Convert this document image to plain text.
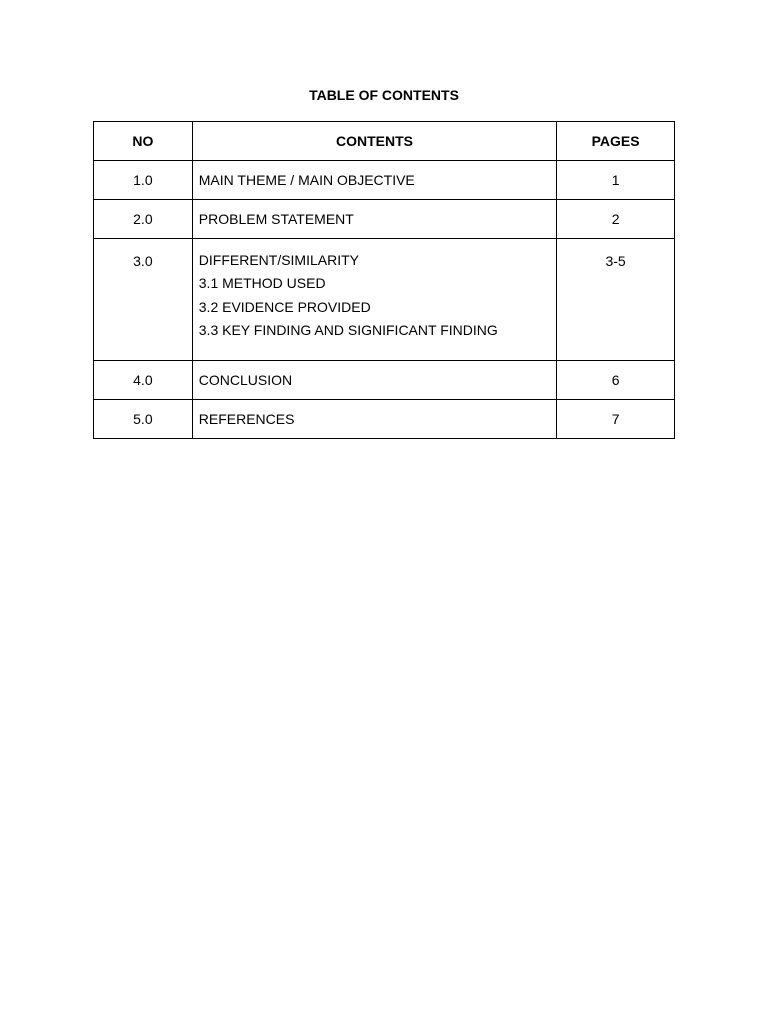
TABLE OF CONTENTS
NO	CONTENTS	PAGES
1.0	MAIN THEME / MAIN OBJECTIVE	1
2.0	PROBLEM STATEMENT	2
3.0	DIFFERENT/SIMILARITY
3.1 METHOD USED
3.2 EVIDENCE PROVIDED
3.3 KEY FINDING AND SIGNIFICANT FINDING	3-5
4.0	CONCLUSION	6
5.0	REFERENCES	7
